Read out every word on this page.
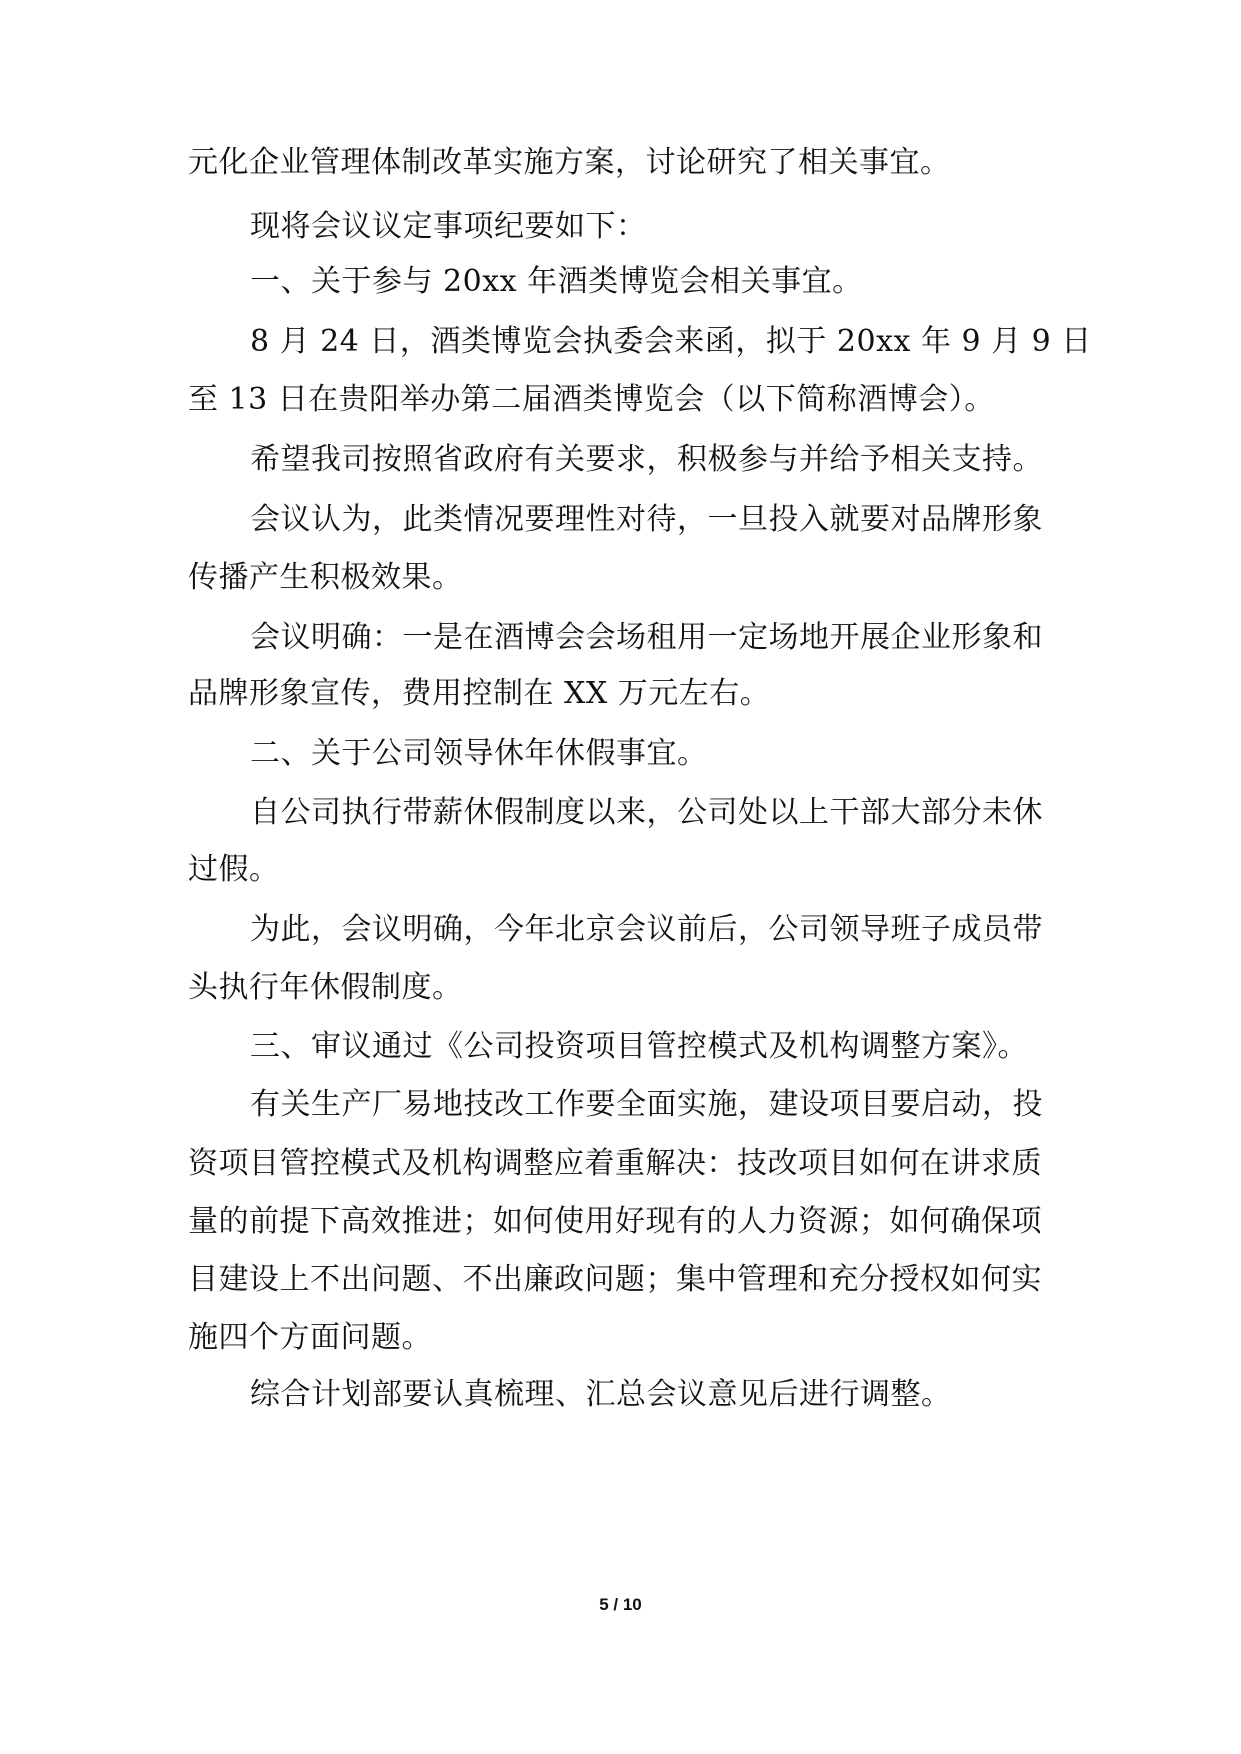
元化企业管理体制改革实施方案，讨论研究了相关事宜。
现将会议议定事项纪要如下：
一、关于参与 20xx 年酒类博览会相关事宜。
8 月 24 日，酒类博览会执委会来函，拟于 20xx 年 9 月 9 日
至 13 日在贵阳举办第二届酒类博览会（以下简称酒博会）。
希望我司按照省政府有关要求，积极参与并给予相关支持。
会议认为，此类情况要理性对待，一旦投入就要对品牌形象
传播产生积极效果。
会议明确：一是在酒博会会场租用一定场地开展企业形象和
品牌形象宣传，费用控制在 XX 万元左右。
二、关于公司领导休年休假事宜。
自公司执行带薪休假制度以来，公司处以上干部大部分未休
过假。
为此，会议明确，今年北京会议前后，公司领导班子成员带
头执行年休假制度。
三、审议通过《公司投资项目管控模式及机构调整方案》。
有关生产厂易地技改工作要全面实施，建设项目要启动，投
资项目管控模式及机构调整应着重解决：技改项目如何在讲求质
量的前提下高效推进；如何使用好现有的人力资源；如何确保项
目建设上不出问题、不出廉政问题；集中管理和充分授权如何实
施四个方面问题。
综合计划部要认真梳理、汇总会议意见后进行调整。
5 / 10
